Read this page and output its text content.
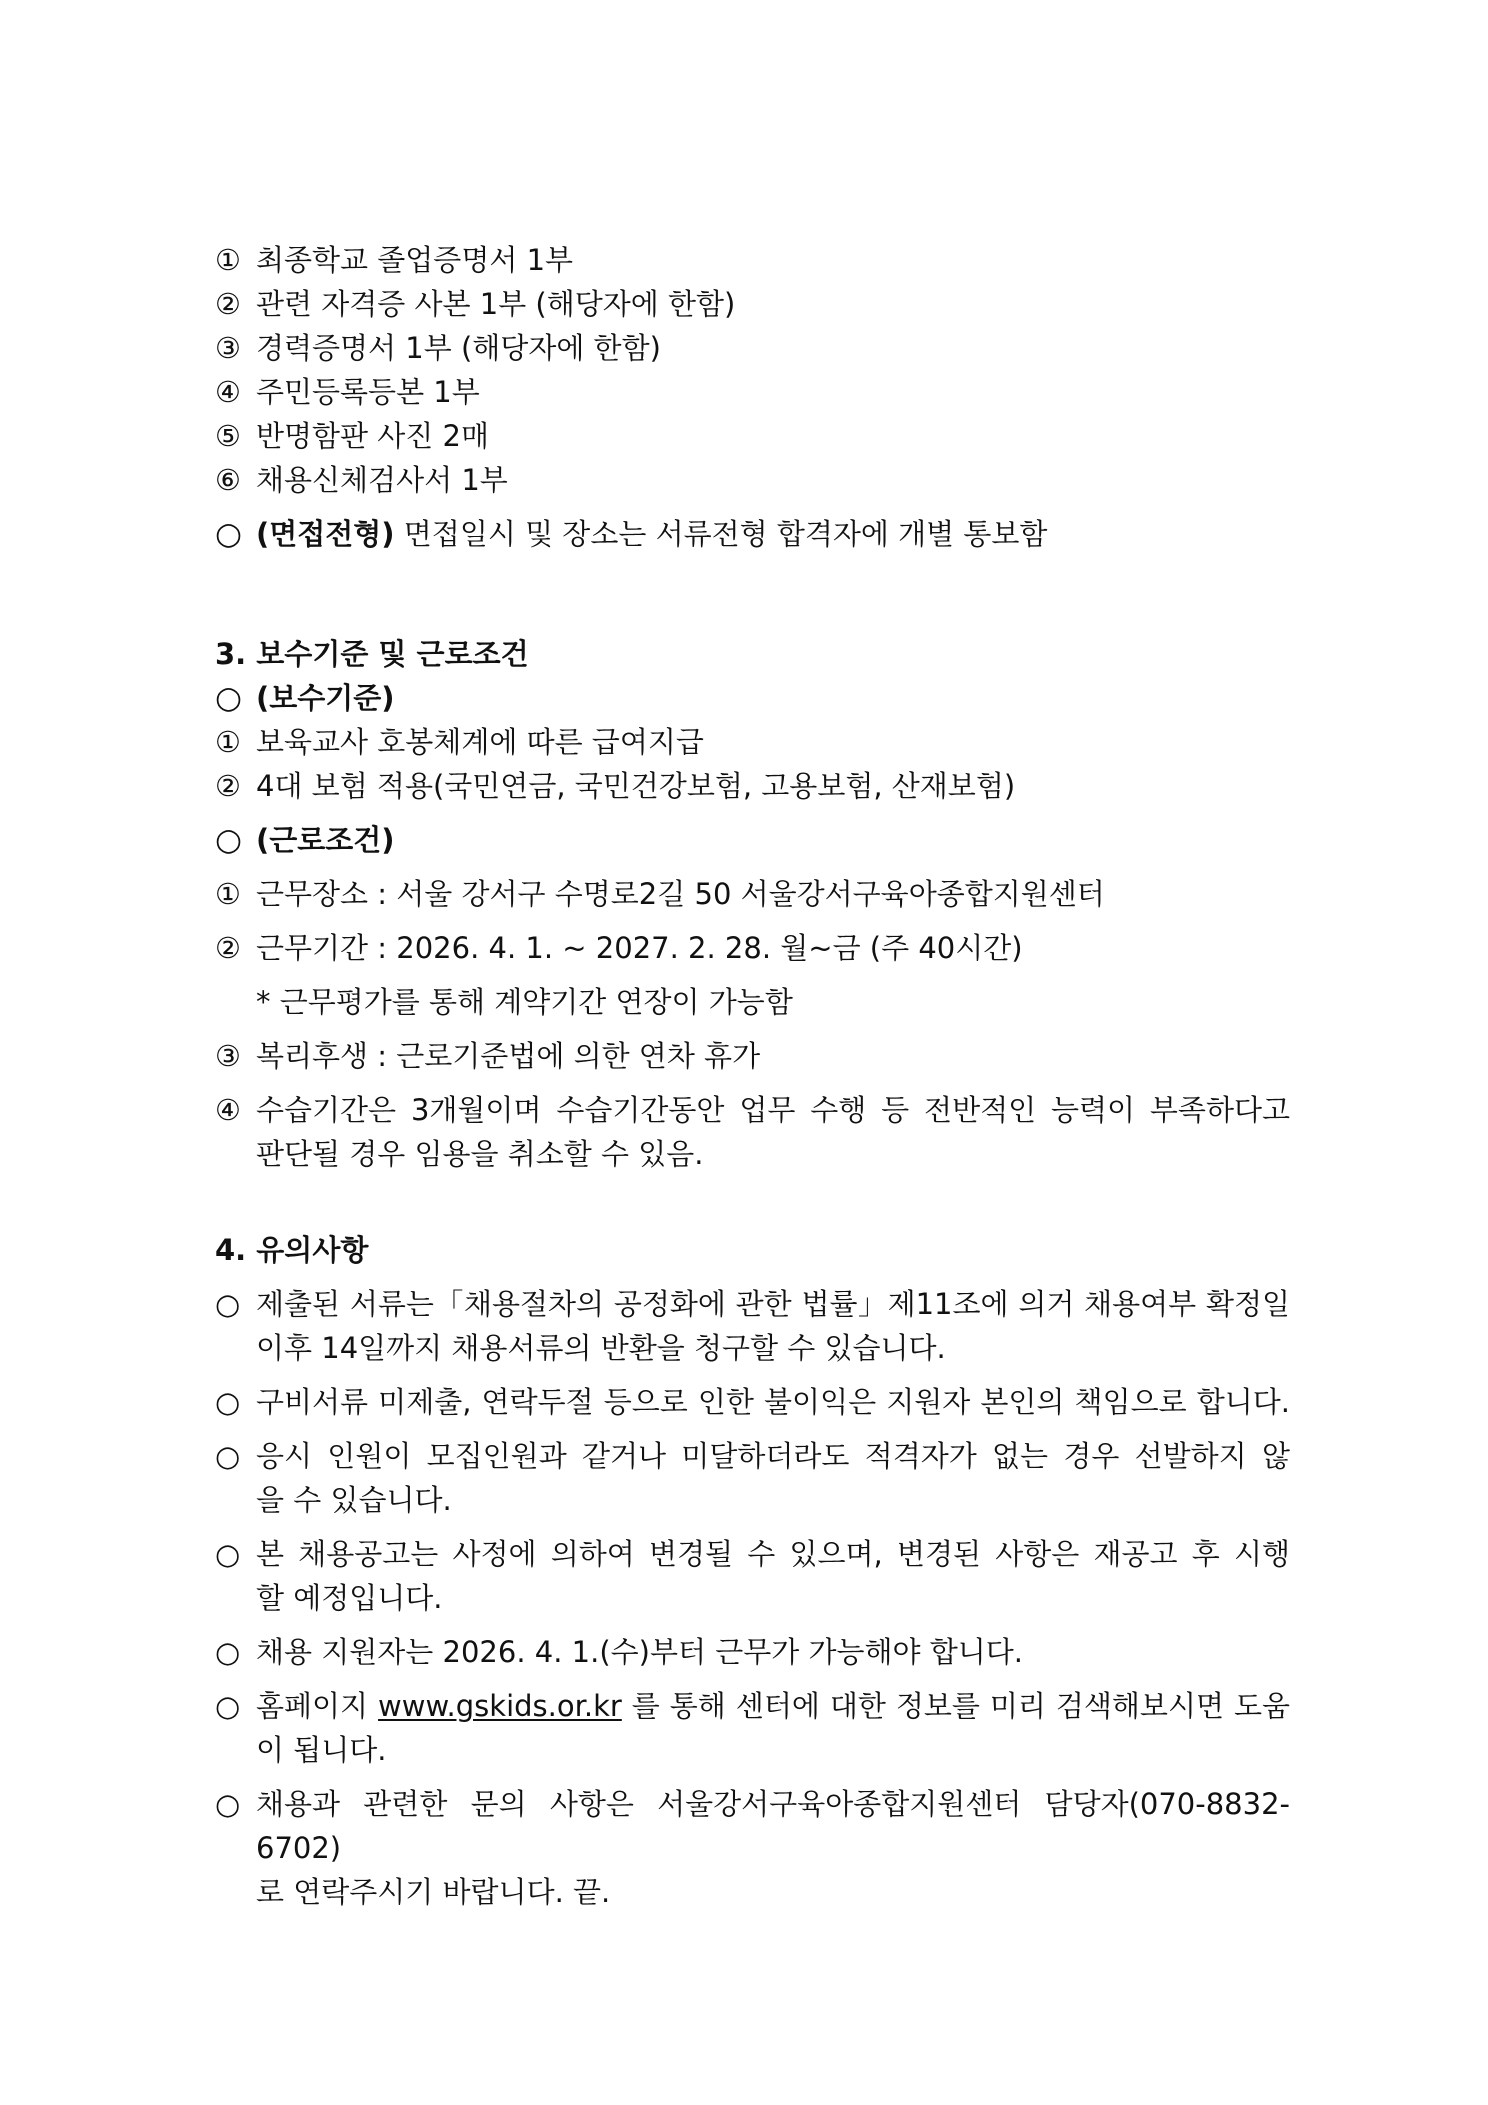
① 최종학교 졸업증명서 1부
② 관련 자격증 사본 1부 (해당자에 한함)
③ 경력증명서 1부 (해당자에 한함)
④ 주민등록등본 1부
⑤ 반명함판 사진 2매
⑥ 채용신체검사서 1부
○ (면접전형) 면접일시 및 장소는 서류전형 합격자에 개별 통보함
3. 보수기준 및 근로조건
○ (보수기준)
① 보육교사 호봉체계에 따른 급여지급
② 4대 보험 적용(국민연금, 국민건강보험, 고용보험, 산재보험)
○ (근로조건)
① 근무장소 : 서울 강서구 수명로2길 50 서울강서구육아종합지원센터
② 근무기간 : 2026. 4. 1. ~ 2027. 2. 28. 월~금 (주 40시간)
* 근무평가를 통해 계약기간 연장이 가능함
③ 복리후생 : 근로기준법에 의한 연차 휴가
④ 수습기간은 3개월이며 수습기간동안 업무 수행 등 전반적인 능력이 부족하다고
판단될 경우 임용을 취소할 수 있음.
4. 유의사항
○ 제출된 서류는「채용절차의 공정화에 관한 법률」제11조에 의거 채용여부 확정일
이후 14일까지 채용서류의 반환을 청구할 수 있습니다.
○ 구비서류 미제출, 연락두절 등으로 인한 불이익은 지원자 본인의 책임으로 합니다.
○ 응시 인원이 모집인원과 같거나 미달하더라도 적격자가 없는 경우 선발하지 않
을 수 있습니다.
○ 본 채용공고는 사정에 의하여 변경될 수 있으며, 변경된 사항은 재공고 후 시행
할 예정입니다.
○ 채용 지원자는 2026. 4. 1.(수)부터 근무가 가능해야 합니다.
○ 홈페이지 www.gskids.or.kr 를 통해 센터에 대한 정보를 미리 검색해보시면 도움
이 됩니다.
○ 채용과 관련한 문의 사항은 서울강서구육아종합지원센터 담당자(070-8832-6702)
로 연락주시기 바랍니다. 끝.
